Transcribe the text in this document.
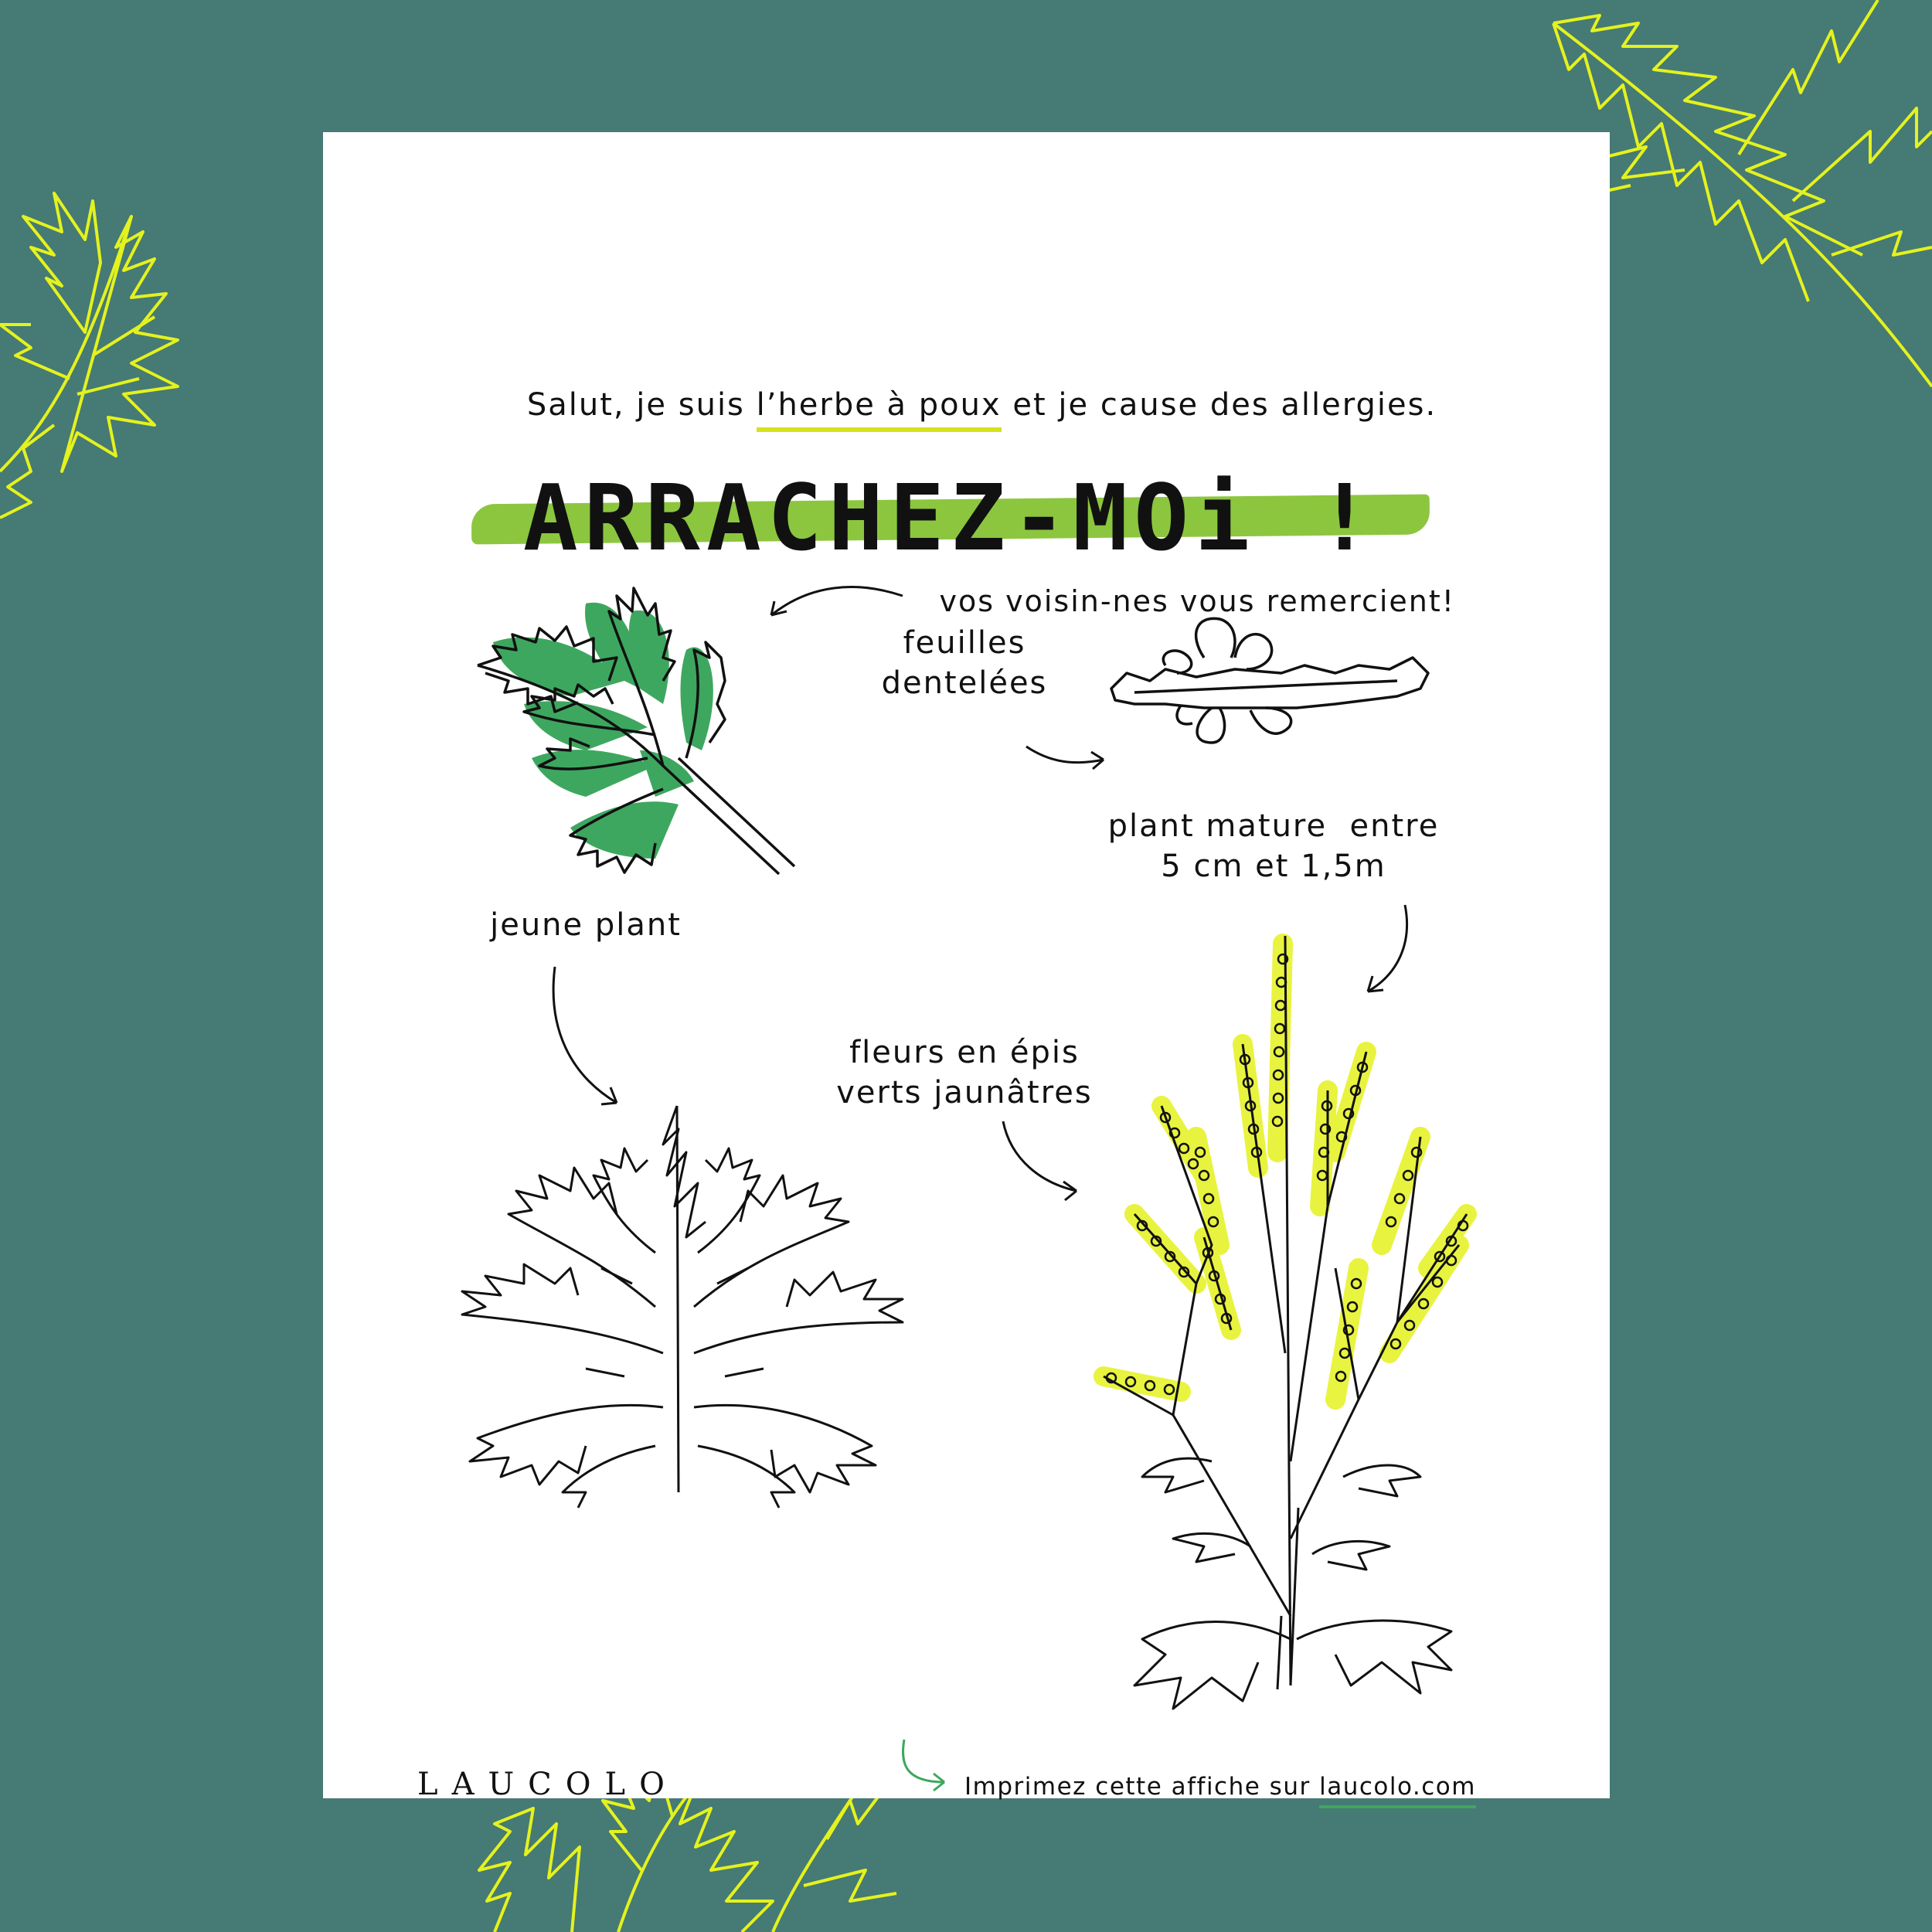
Salut, je suis l’herbe à poux et je cause des allergies.
ARRACHEZ-MOi !
vos voisin-nes vous remercient!
feuilles
dentelées
plant mature  entre
5 cm et 1,5m
jeune plant
fleurs en épis
verts jaunâtres
LAUCOLO	Imprimez cette affiche sur laucolo.com
